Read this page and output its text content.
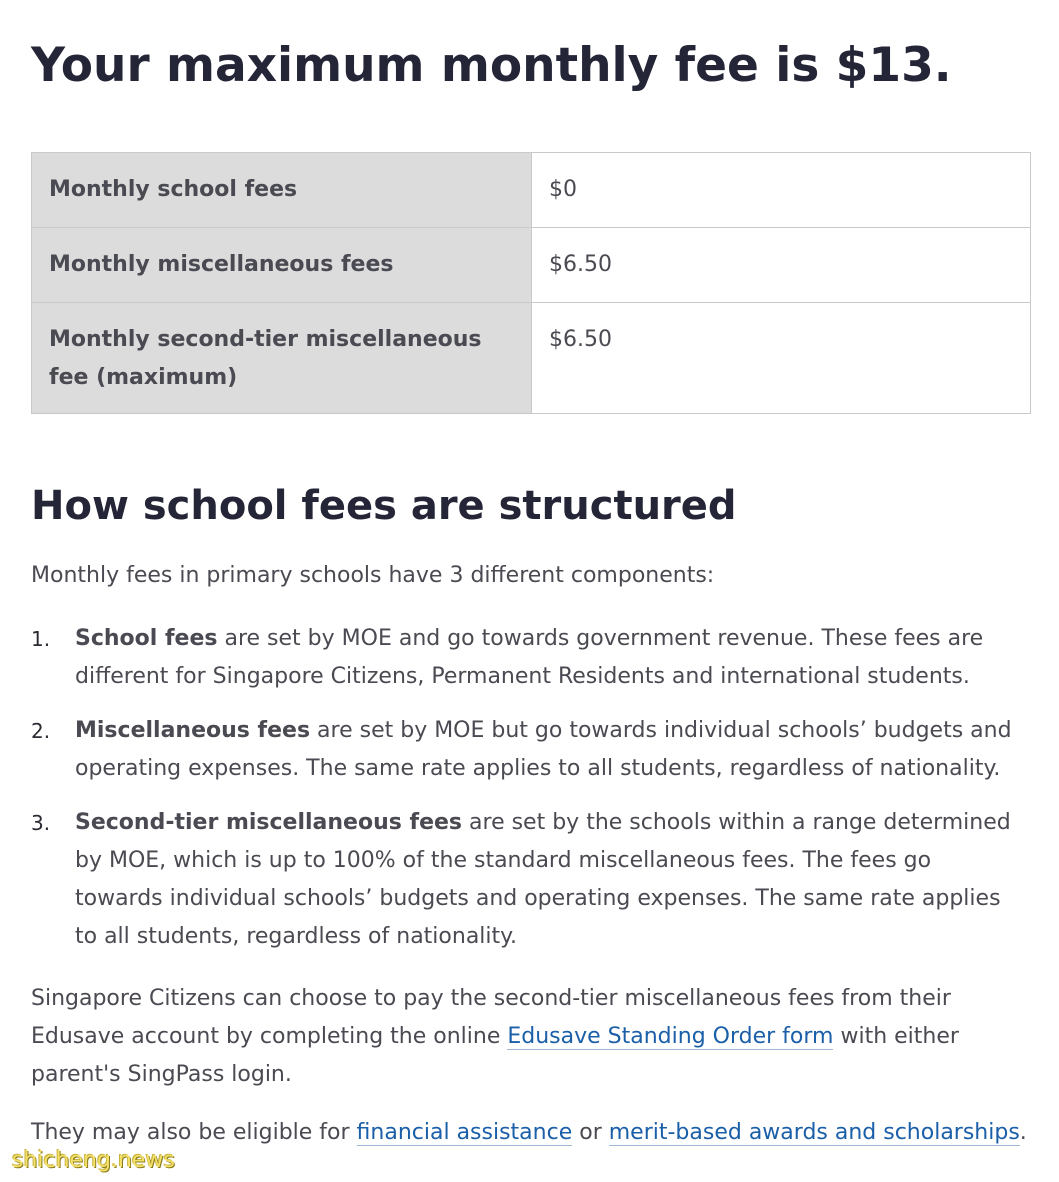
Your maximum monthly fee is $13.
Monthly school fees	$0
Monthly miscellaneous fees	$6.50
Monthly second-tier miscellaneous fee (maximum)	$6.50
How school fees are structured

Monthly fees in primary schools have 3 different components:

1. School fees are set by MOE and go towards government revenue. These fees are different for Singapore Citizens, Permanent Residents and international students.
2. Miscellaneous fees are set by MOE but go towards individual schools’ budgets and operating expenses. The same rate applies to all students, regardless of nationality.
3. Second-tier miscellaneous fees are set by the schools within a range determined by MOE, which is up to 100% of the standard miscellaneous fees. The fees go towards individual schools’ budgets and operating expenses. The same rate applies to all students, regardless of nationality.

Singapore Citizens can choose to pay the second-tier miscellaneous fees from their Edusave account by completing the online Edusave Standing Order form with either parent's SingPass login.

They may also be eligible for financial assistance or merit-based awards and scholarships.

shicheng.news
